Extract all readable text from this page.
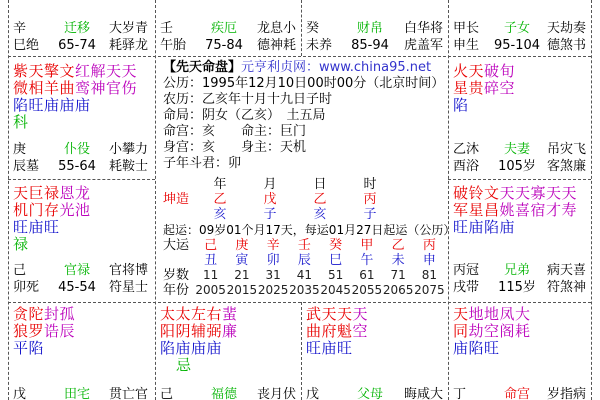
辛	迁移	大岁青
巳绝	65-74	耗驿龙
壬	疾厄	龙息小
午胎	75-84	德神耗
癸	财帛	白华将
未养	85-94	虎盖军
甲长	子女	天劫奏
申生	95-104 德煞书
紫天擎文红解天天
微相羊曲鸾神官伤
陷旺庙庙庙
科
庚	仆役	小攀力
辰墓	55-64	耗鞍士
火天破旬
星贵碎空
陷
乙沐	夫妻	吊灾飞
酉浴	105岁 客煞廉
天巨禄恩龙
机门存光池
旺庙旺
禄
己	官禄	官将博
卯死	45-54	符星士
破铃文天天寡天天
军星昌姚喜宿才寿
旺庙陷庙
丙冠	兄弟	病天喜
戌带	115岁 符煞神
贪陀封孤
狼罗诰辰
平陷
戊	田宅	贯亡官
太太左右蜚
阳阴辅弼廉
陷庙庙庙
忌
己	福德	丧月伏
武天天天
曲府魁空
旺庙旺
戊	父母	晦咸大
天地地凤大
同劫空阁耗
庙陷旺
丁	命宫	岁指病
【先天命盘】元亨利贞网：www.china95.net
公历：1995年12月10日00时00分（北京时间）
农历：乙亥年十月十九日子时
命局：阴女（乙亥）　土五局
命宫：亥　　命主：巨门
身宫：亥　　身主：天机
子年斗君：卯
年	月	日	时
坤造	乙	戊	乙	丙
亥	子	亥	子
起运：09岁01个月17天，每运01月27日起运（公历）
大运	己	庚	辛	壬	癸	甲	乙	丙
丑	寅	卯	辰	巳	午	未	申
岁数	11	21	31	41	51	61	71	81
年份 2005 2015 2025 2035 2045 2055 2065 2075
